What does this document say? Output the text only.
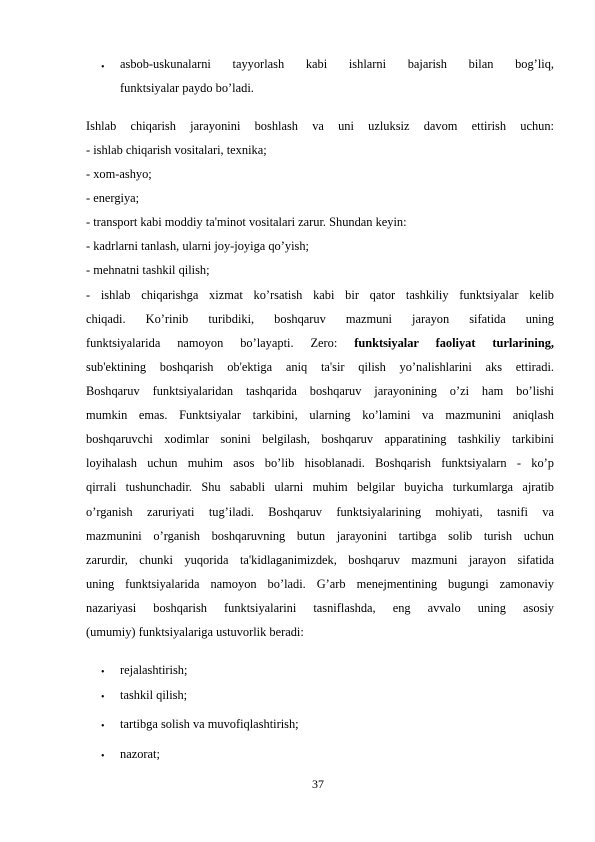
• asbob-uskunalarni tayyorlash kabi ishlarni bajarish bilan bog’liq,
funktsiyalar paydo bo’ladi.
Ishlab chiqarish jarayonini boshlash va uni uzluksiz davom ettirish uchun:
- ishlab chiqarish vositalari, texnika;
- xom-ashyo;
- energiya;
- transport kabi moddiy ta'minot vositalari zarur. Shundan keyin:
- kadrlarni tanlash, ularni joy-joyiga qo’yish;
- mehnatni tashkil qilish;
- ishlab chiqarishga xizmat ko’rsatish kabi bir qator tashkiliy funktsiyalar kelib
chiqadi. Ko’rinib turibdiki, boshqaruv mazmuni jarayon sifatida uning
funktsiyalarida namoyon bo’layapti. Zero: funktsiyalar faoliyat turlarining,
sub'ektining boshqarish ob'ektiga aniq ta'sir qilish yo’nalishlarini aks ettiradi.
Boshqaruv funktsiyalaridan tashqarida boshqaruv jarayonining o’zi ham bo’lishi
mumkin emas. Funktsiyalar tarkibini, ularning ko’lamini va mazmunini aniqlash
boshqaruvchi xodimlar sonini belgilash, boshqaruv apparatining tashkiliy tarkibini
loyihalash uchun muhim asos bo’lib hisoblanadi. Boshqarish funktsiyalarn - ko’p
qirrali tushunchadir. Shu sababli ularni muhim belgilar buyicha turkumlarga ajratib
o’rganish zaruriyati tug’iladi. Boshqaruv funktsiyalarining mohiyati, tasnifi va
mazmunini o’rganish boshqaruvning butun jarayonini tartibga solib turish uchun
zarurdir, chunki yuqorida ta'kidlaganimizdek, boshqaruv mazmuni jarayon sifatida
uning funktsiyalarida namoyon bo’ladi. G’arb menejmentining bugungi zamonaviy
nazariyasi boshqarish funktsiyalarini tasniflashda, eng avvalo uning asosiy
(umumiy) funktsiyalariga ustuvorlik beradi:
• rejalashtirish;
• tashkil qilish;
• tartibga solish va muvofiqlashtirish;
• nazorat;
37
